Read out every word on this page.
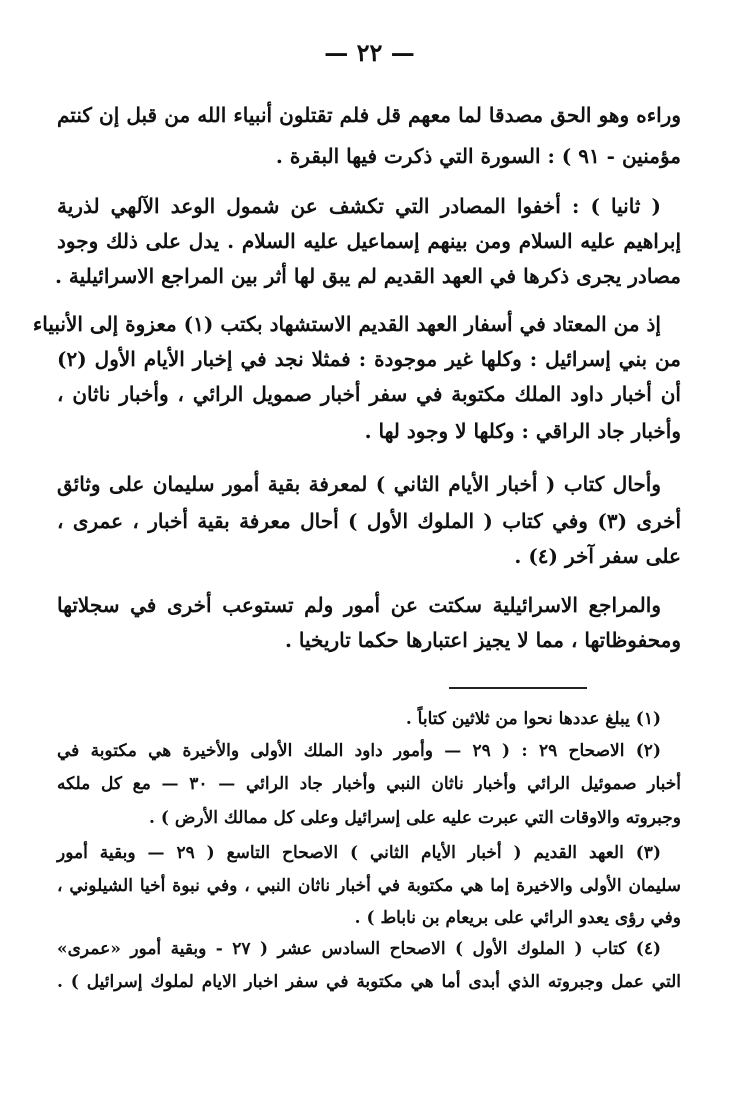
— ٢٢ —
وراءه وهو الحق مصدقا لما معهم قل فلم تقتلون أنبياء الله من قبل إن كنتم
مؤمنين - ٩١ ) : السورة التي ذكرت فيها البقرة .
( ثانيا ) : أخفوا المصادر التي تكشف عن شمول الوعد الآلهي لذرية
إبراهيم عليه السلام ومن بينهم إسماعيل عليه السلام . يدل على ذلك وجود
مصادر يجرى ذكرها في العهد القديم لم يبق لها أثر بين المراجع الاسرائيلية .
إذ من المعتاد في أسفار العهد القديم الاستشهاد بكتب (١) معزوة إلى الأنبياء
من بني إسرائيل : وكلها غير موجودة : فمثلا نجد في إخبار الأيام الأول (٢)
أن أخبار داود الملك مكتوبة في سفر أخبار صمويل الرائي ، وأخبار ناثان ،
وأخبار جاد الراقي : وكلها لا وجود لها .
وأحال كتاب ( أخبار الأيام الثاني ) لمعرفة بقية أمور سليمان على وثائق
أخرى (٣) وفي كتاب ( الملوك الأول ) أحال معرفة بقية أخبار ، عمرى ،
على سفر آخر (٤) .
والمراجع الاسرائيلية سكتت عن أمور ولم تستوعب أخرى في سجلاتها
ومحفوظاتها ، مما لا يجيز اعتبارها حكما تاريخيا .
(١) يبلغ عددها نحوا من ثلاثين كتاباً .
(٢) الاصحاح ٢٩ : ( ٢٩ — وأمور داود الملك الأولى والأخيرة هي مكتوبة في
أخبار صموئيل الرائي وأخبار ناثان النبي وأخبار جاد الرائي — ٣٠ — مع كل ملكه
وجبروته والاوقات التي عبرت عليه على إسرائيل وعلى كل ممالك الأرض ) .
(٣) العهد القديم ( أخبار الأيام الثاني ) الاصحاح التاسع ( ٢٩ — وبقية أمور
سليمان الأولى والاخيرة إما هي مكتوبة في أخبار ناثان النبي ، وفي نبوة أخيا الشيلوني ،
وفي رؤى يعدو الرائي على بريعام بن ناباط ) .
(٤) كتاب ( الملوك الأول ) الاصحاح السادس عشر ( ٢٧ - وبقية أمور «عمرى»
التي عمل وجبروته الذي أبدى أما هي مكتوبة في سفر اخبار الايام لملوك إسرائيل ) .
